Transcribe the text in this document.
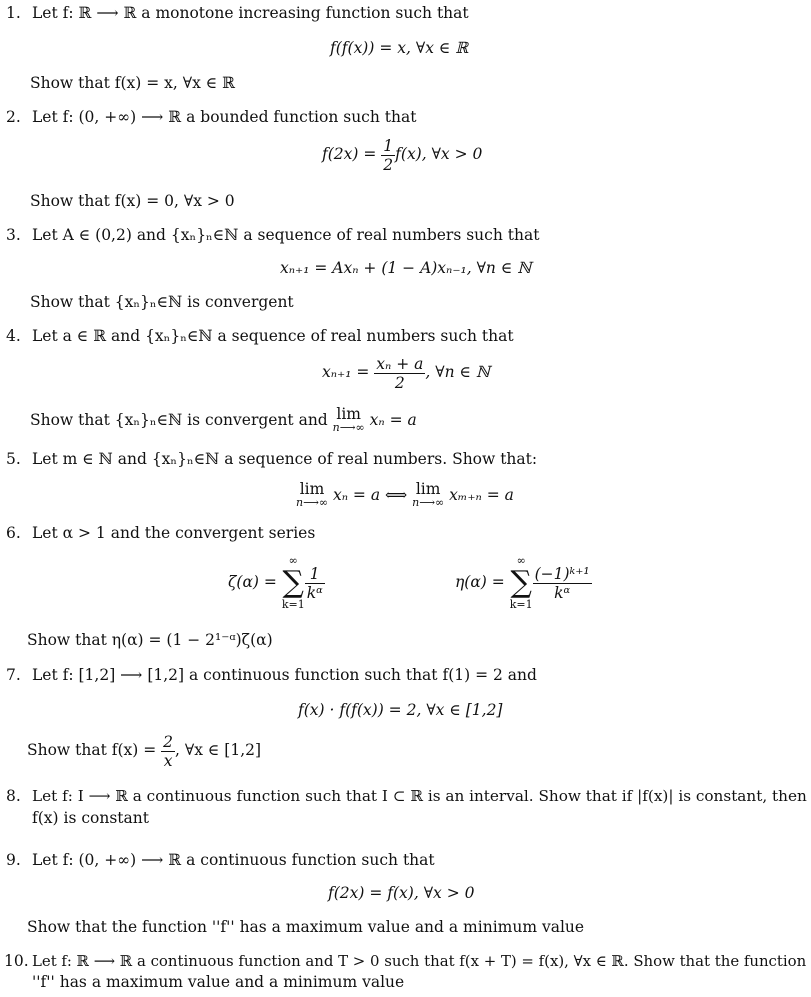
1. Let f: ℝ ⟶ ℝ a monotone increasing function such that
f(f(x)) = x, ∀x ∈ ℝ
Show that f(x) = x, ∀x ∈ ℝ
2. Let f: (0, +∞) ⟶ ℝ a bounded function such that
$f(2x) = \frac{1}{2} f(x)$, ∀x > 0
Show that f(x) = 0, ∀x > 0
3. Let A ∈ (0,2) and {xₙ}ₙ∈ℕ a sequence of real numbers such that
xₙ₊₁ = Axₙ + (1 − A)xₙ₋₁, ∀n ∈ ℕ
Show that {xₙ}ₙ∈ℕ is convergent
4. Let a ∈ ℝ and {xₙ}ₙ∈ℕ a sequence of real numbers such that
$x_{n+1} = \frac{\text{xₙ + a}}{2}$ , ∀n ∈ ℕ
Show that {xₙ}ₙ∈ℕ is convergent and lim
n⟶∞ xₙ = a
5. Let m ∈ ℕ and {xₙ}ₙ∈ℕ a sequence of real numbers. Show that:
lim
n⟶∞ xₙ = a ⟺ lim
n⟶∞ xₘ₊ₙ = a
6. Let α > 1 and the convergent series
ζ(α) =
∞
∑
k=1
$\frac{1}{\text{kᵅ}}$	η(α) =
∞
∑
k=1
$\frac{\text{(−1)ᵏ⁺¹}}{\text{kᵅ}}$
Show that η(α) = (1 − 2¹⁻ᵅ)ζ(α)
7. Let f: [1,2] ⟶ [1,2] a continuous function such that f(1) = 2 and
f(x) · f(f(x)) = 2, ∀x ∈ [1,2]
Show that $f(x) = \frac{2}{x}$ , ∀x ∈ [1,2]
8. Let f: I ⟶ ℝ a continuous function such that I ⊂ ℝ is an interval. Show that if |f(x)| is constant, then
f(x) is constant
9. Let f: (0, +∞) ⟶ ℝ a continuous function such that
f(2x) = f(x), ∀x > 0
Show that the function ''f'' has a maximum value and a minimum value
10. Let f: ℝ ⟶ ℝ a continuous function and T > 0 such that f(x + T) = f(x), ∀x ∈ ℝ. Show that the function
''f'' has a maximum value and a minimum value
